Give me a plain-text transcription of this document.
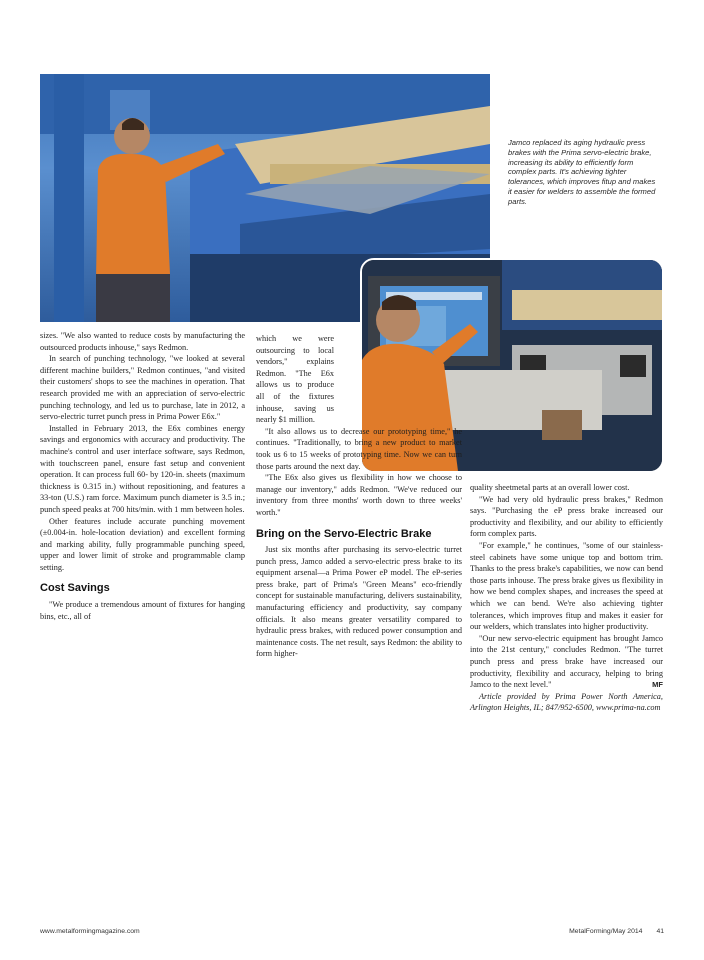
Jamco replaced its aging hydraulic press brakes with the Prima servo-electric brake, increasing its ability to efficiently form complex parts. It's achieving tighter tolerances, which improves fitup and makes it easier for welders to assemble the formed parts.

sizes. "We also wanted to reduce costs by manufacturing the outsourced products inhouse," says Redmon.

In search of punching technology, "we looked at several different machine builders," Redmon continues, "and visited their customers' shops to see the machines in operation. That research provided me with an appreciation of servo-electric punching technology, and led us to purchase, late in 2012, a servo-electric turret punch press in Prima Power E6x."

Installed in February 2013, the E6x combines energy savings and ergonomics with accuracy and productivity. The machine's control and user interface software, says Redmon, with touchscreen panel, ensure fast setup and convenient operation. It can process full 60- by 120-in. sheets (maximum thickness is 0.315 in.) without repositioning, and features a 33-ton (U.S.) ram force. Maximum punch diameter is 3.5 in.; punch speed peaks at 700 hits/min. with 1 mm between holes.

Other features include accurate punching movement (±0.004-in. hole-location deviation) and excellent forming and marking ability, fully programmable punching speed, upper and lower limit of stroke and programmable clamp setting.

Cost Savings

"We produce a tremendous amount of fixtures for hanging bins, etc., all of

which we were outsourcing to local vendors," explains Redmon. "The E6x allows us to produce all of the fixtures inhouse, saving us nearly $1 million.

"It also allows us to decrease our prototyping time," he continues. "Traditionally, to bring a new product to market took us 6 to 15 weeks of prototyping time. Now we can turn those parts around the next day.

"The E6x also gives us flexibility in how we choose to manage our inventory," adds Redmon. "We've reduced our inventory from three months' worth down to three weeks' worth."

Bring on the Servo-Electric Brake

Just six months after purchasing its servo-electric turret punch press, Jamco added a servo-electric press brake to its equipment arsenal—a Prima Power eP model. The eP-series press brake, part of Prima's "Green Means" eco-friendly concept for sustainable manufacturing, delivers sustainability, manufacturing efficiency and productivity, say company officials. It also means greater versatility compared to hydraulic press brakes, with reduced power consumption and maintenance costs. The net result, says Redmon: the ability to form higher-

quality sheetmetal parts at an overall lower cost.

"We had very old hydraulic press brakes," Redmon says. "Purchasing the eP press brake increased our productivity and flexibility, and our ability to efficiently form complex parts.

"For example," he continues, "some of our stainless-steel cabinets have some unique top and bottom trim. Thanks to the press brake's capabilities, we now can bend those parts inhouse. The press brake gives us flexibility in how we bend complex shapes, and increases the speed at which we can bend. We're also achieving tighter tolerances, which improves fitup and makes it easier for our welders, which translates into higher productivity.

"Our new servo-electric equipment has brought Jamco into the 21st century," concludes Redmon. "The turret punch press and press brake have increased our productivity, flexibility and accuracy, helping to bring Jamco to the next level."	MF

Article provided by Prima Power North America, Arlington Heights, IL; 847/952-6500, www.prima-na.com

www.metalformingmagazine.com	MetalForming/May 2014 41
